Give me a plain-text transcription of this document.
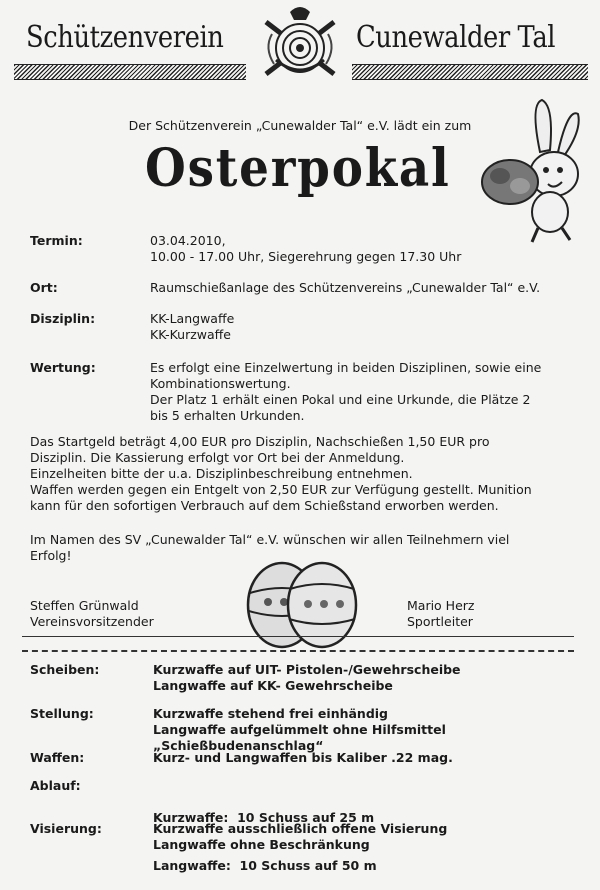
Schützenverein	Cunewalder Tal
Der Schützenverein „Cunewalder Tal“ e.V. lädt ein zum
Osterpokal
Termin:	03.04.2010,
10.00 - 17.00 Uhr, Siegerehrung gegen 17.30 Uhr
Ort:	Raumschießanlage des Schützenvereins „Cunewalder Tal“ e.V.
Disziplin:	KK-Langwaffe
KK-Kurzwaffe
Wertung:	Es erfolgt eine Einzelwertung in beiden Disziplinen, sowie eine
Kombinationswertung.
Der Platz 1 erhält einen Pokal und eine Urkunde, die Plätze 2
bis 5 erhalten Urkunden.
Das Startgeld beträgt 4,00 EUR pro Disziplin, Nachschießen 1,50 EUR pro
Disziplin. Die Kassierung erfolgt vor Ort bei der Anmeldung.
Einzelheiten bitte der u.a. Disziplinbeschreibung entnehmen.
Waffen werden gegen ein Entgelt von 2,50 EUR zur Verfügung gestellt. Munition
kann für den sofortigen Verbrauch auf dem Schießstand erworben werden.
Im Namen des SV „Cunewalder Tal“ e.V. wünschen wir allen Teilnehmern viel
Erfolg!
Steffen Grünwald
Vereinsvorsitzender
Mario Herz
Sportleiter
Scheiben:	Kurzwaffe auf UIT- Pistolen-/Gewehrscheibe
Langwaffe auf KK- Gewehrscheibe
Stellung:	Kurzwaffe stehend frei einhändig
Langwaffe aufgelümmelt ohne Hilfsmittel „Schießbudenanschlag“
Waffen:	Kurz- und Langwaffen bis Kaliber .22 mag.
Ablauf:

Kurzwaffe:  10 Schuss auf 25 m

Langwaffe:  10 Schuss auf 50 m

Visierung:	Kurzwaffe ausschließlich offene Visierung
Langwaffe ohne Beschränkung
